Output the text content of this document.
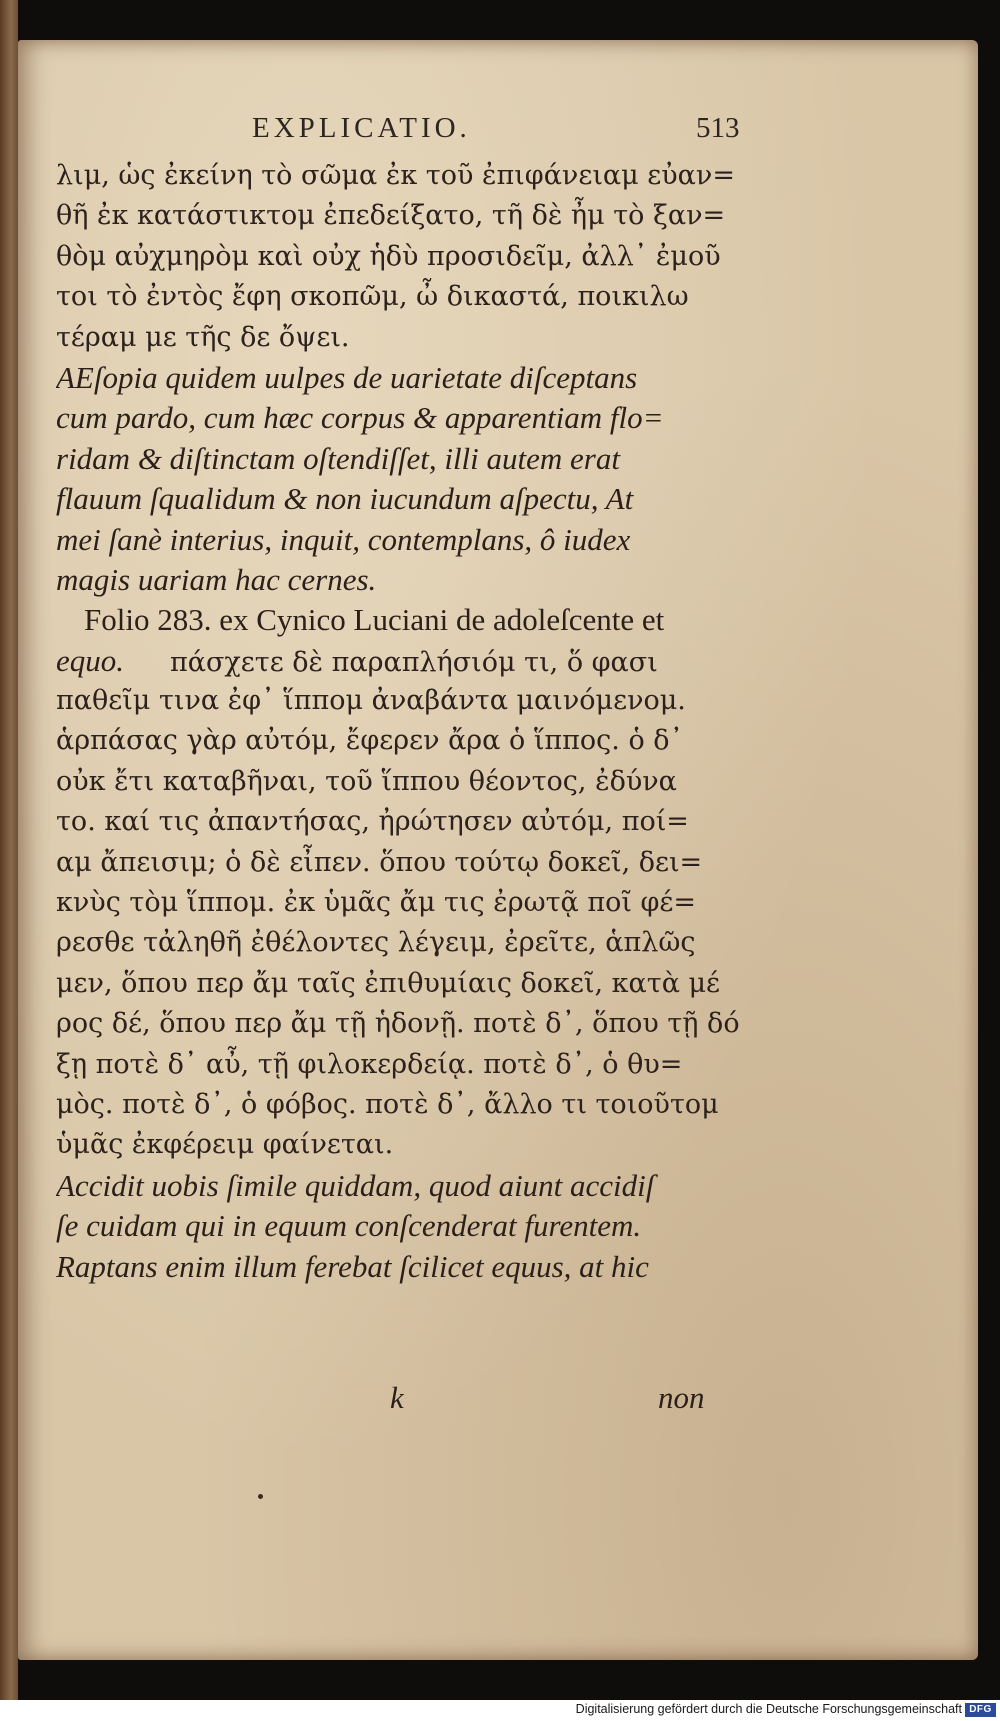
EXPLICATIO.	513
λιμ, ὡς ἐκείνη τὸ σῶμα ἐκ τοῦ ἐπιφάνειαμ εὐαν=
θῆ ἐκ κατάστικτομ ἐπεδείξατο, τῆ δὲ ἦμ τὸ ξαν=
θὸμ αὐχμηρὸμ καὶ οὐχ ἡδὺ προσιδεῖμ, ἀλλ᾽ ἐμοῦ
τοι τὸ ἐντὸς ἔφη σκοπῶμ, ὦ δικαστά, ποικιλω
τέραμ με τῆς δε ὄψει.
AEſopia quidem uulpes de uarietate diſceptans
cum pardo, cum hæc corpus & apparentiam flo=
ridam & diſtinctam oſtendiſſet, illi autem erat
flauum ſqualidum & non iucundum aſpectu, At
mei ſanè interius, inquit, contemplans, ô iudex
magis uariam hac cernes.
Folio 283. ex Cynico Luciani de adoleſcente et
equo. πάσχετε δὲ παραπλήσιόμ τι, ὅ φασι
παθεῖμ τινα ἐφ᾽ ἵππομ ἀναβάντα μαινόμενομ.
ἁρπάσας γὰρ αὐτόμ, ἔφερεν ἄρα ὁ ἵππος. ὁ δ᾽
οὐκ ἔτι καταβῆναι, τοῦ ἵππου θέοντος, ἐδύνα
το. καί τις ἀπαντήσας, ἠρώτησεν αὐτόμ, ποί=
αμ ἄπεισιμ; ὁ δὲ εἶπεν. ὅπου τούτῳ δοκεῖ, δει=
κνὺς τὸμ ἵππομ. ἐκ ὑμᾶς ἄμ τις ἐρωτᾷ ποῖ φέ=
ρεσθε τἀληθῆ ἐθέλοντες λέγειμ, ἐρεῖτε, ἁπλῶς
μεν, ὅπου περ ἄμ ταῖς ἐπιθυμίαις δοκεῖ, κατὰ μέ
ρος δέ, ὅπου περ ἄμ τῇ ἡδονῇ. ποτὲ δ᾽, ὅπου τῇ δό
ξῃ ποτὲ δ᾽ αὖ, τῇ φιλοκερδείᾳ. ποτὲ δ᾽, ὁ θυ=
μὸς. ποτὲ δ᾽, ὁ φόβος. ποτὲ δ᾽, ἄλλο τι τοιοῦτομ
ὑμᾶς ἐκφέρειμ φαίνεται.
Accidit uobis ſimile quiddam, quod aiunt accidiſ
ſe cuidam qui in equum conſcenderat furentem.
Raptans enim illum ferebat ſcilicet equus, at hic
k	non
Digitalisierung gefördert durch die Deutsche Forschungsgemeinschaft DFG
